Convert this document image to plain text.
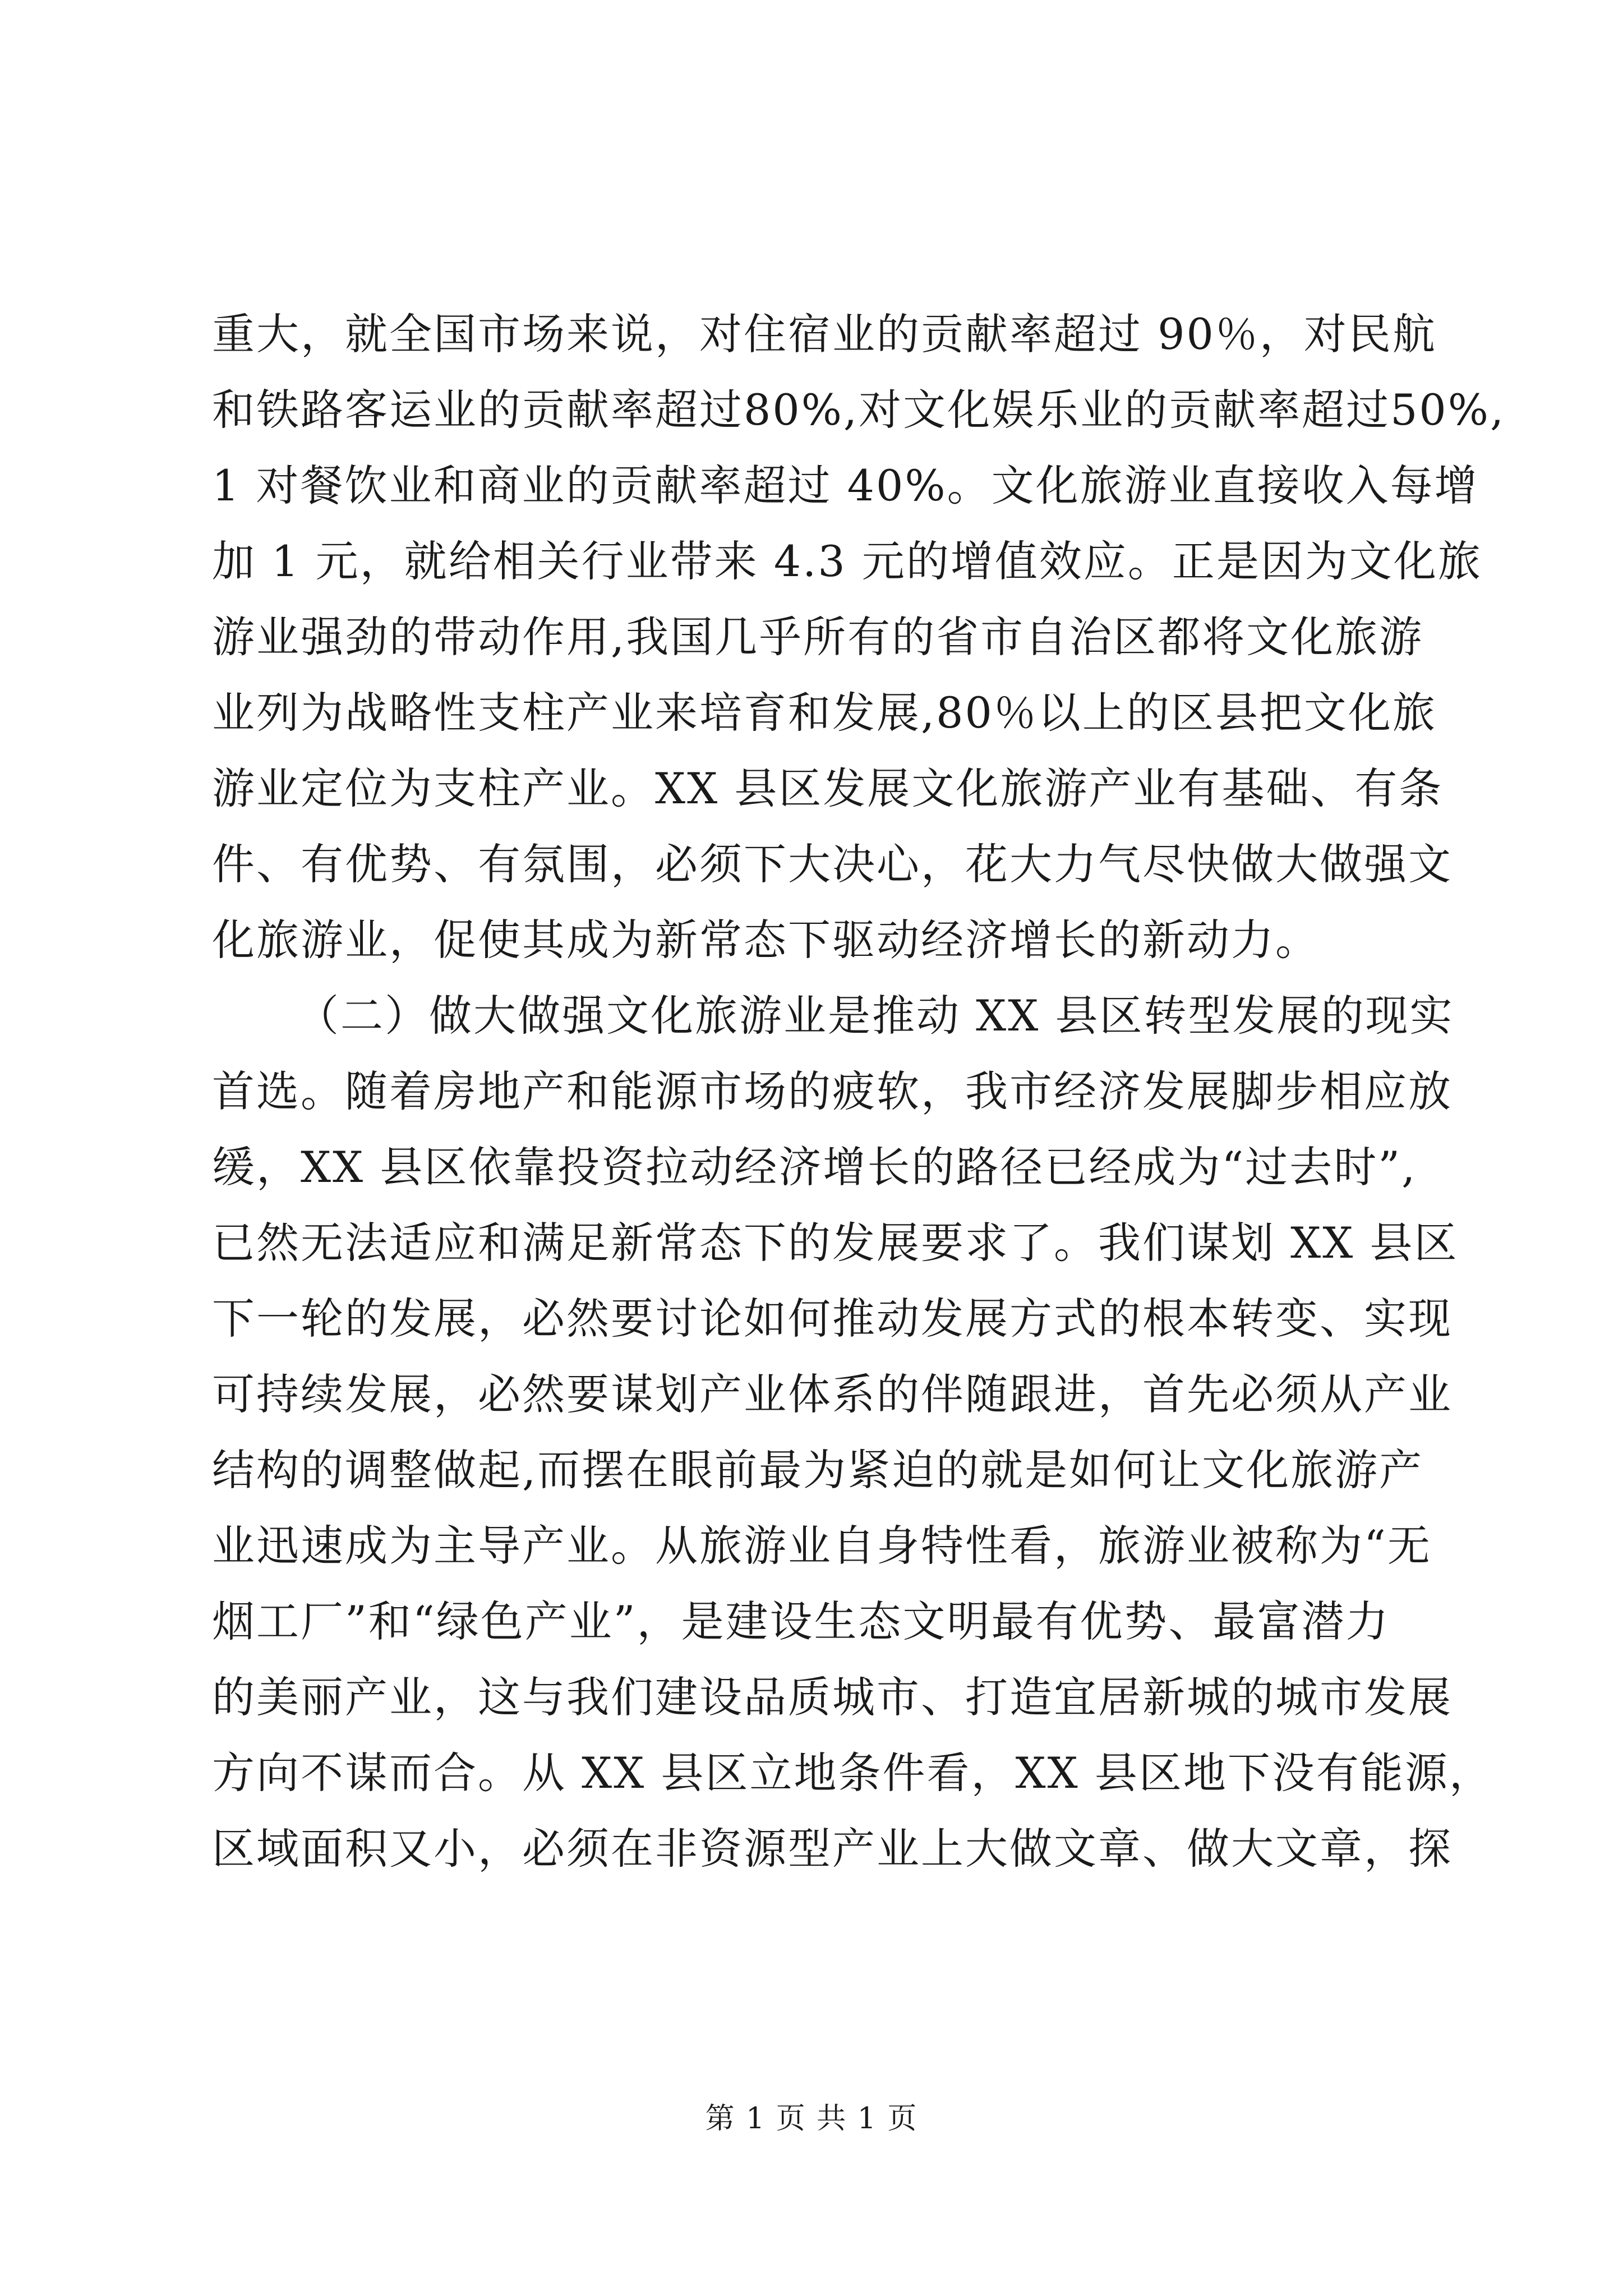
重大，就全国市场来说，对住宿业的贡献率超过 90％，对民航
和铁路客运业的贡献率超过80%,对文化娱乐业的贡献率超过50%,
1 对餐饮业和商业的贡献率超过 40%。文化旅游业直接收入每增
加 1 元，就给相关行业带来 4.3 元的增值效应。正是因为文化旅
游业强劲的带动作用,我国几乎所有的省市自治区都将文化旅游
业列为战略性支柱产业来培育和发展,80％以上的区县把文化旅
游业定位为支柱产业。XX 县区发展文化旅游产业有基础、有条
件、有优势、有氛围，必须下大决心，花大力气尽快做大做强文
化旅游业，促使其成为新常态下驱动经济增长的新动力。
（二）做大做强文化旅游业是推动 XX 县区转型发展的现实
首选。随着房地产和能源市场的疲软，我市经济发展脚步相应放
缓，XX 县区依靠投资拉动经济增长的路径已经成为“过去时”,
已然无法适应和满足新常态下的发展要求了。我们谋划 XX 县区
下一轮的发展，必然要讨论如何推动发展方式的根本转变、实现
可持续发展，必然要谋划产业体系的伴随跟进，首先必须从产业
结构的调整做起,而摆在眼前最为紧迫的就是如何让文化旅游产
业迅速成为主导产业。从旅游业自身特性看，旅游业被称为“无
烟工厂”和“绿色产业”，是建设生态文明最有优势、最富潜力
的美丽产业，这与我们建设品质城市、打造宜居新城的城市发展
方向不谋而合。从 XX 县区立地条件看，XX 县区地下没有能源，
区域面积又小，必须在非资源型产业上大做文章、做大文章，探
第 1 页 共 1 页
